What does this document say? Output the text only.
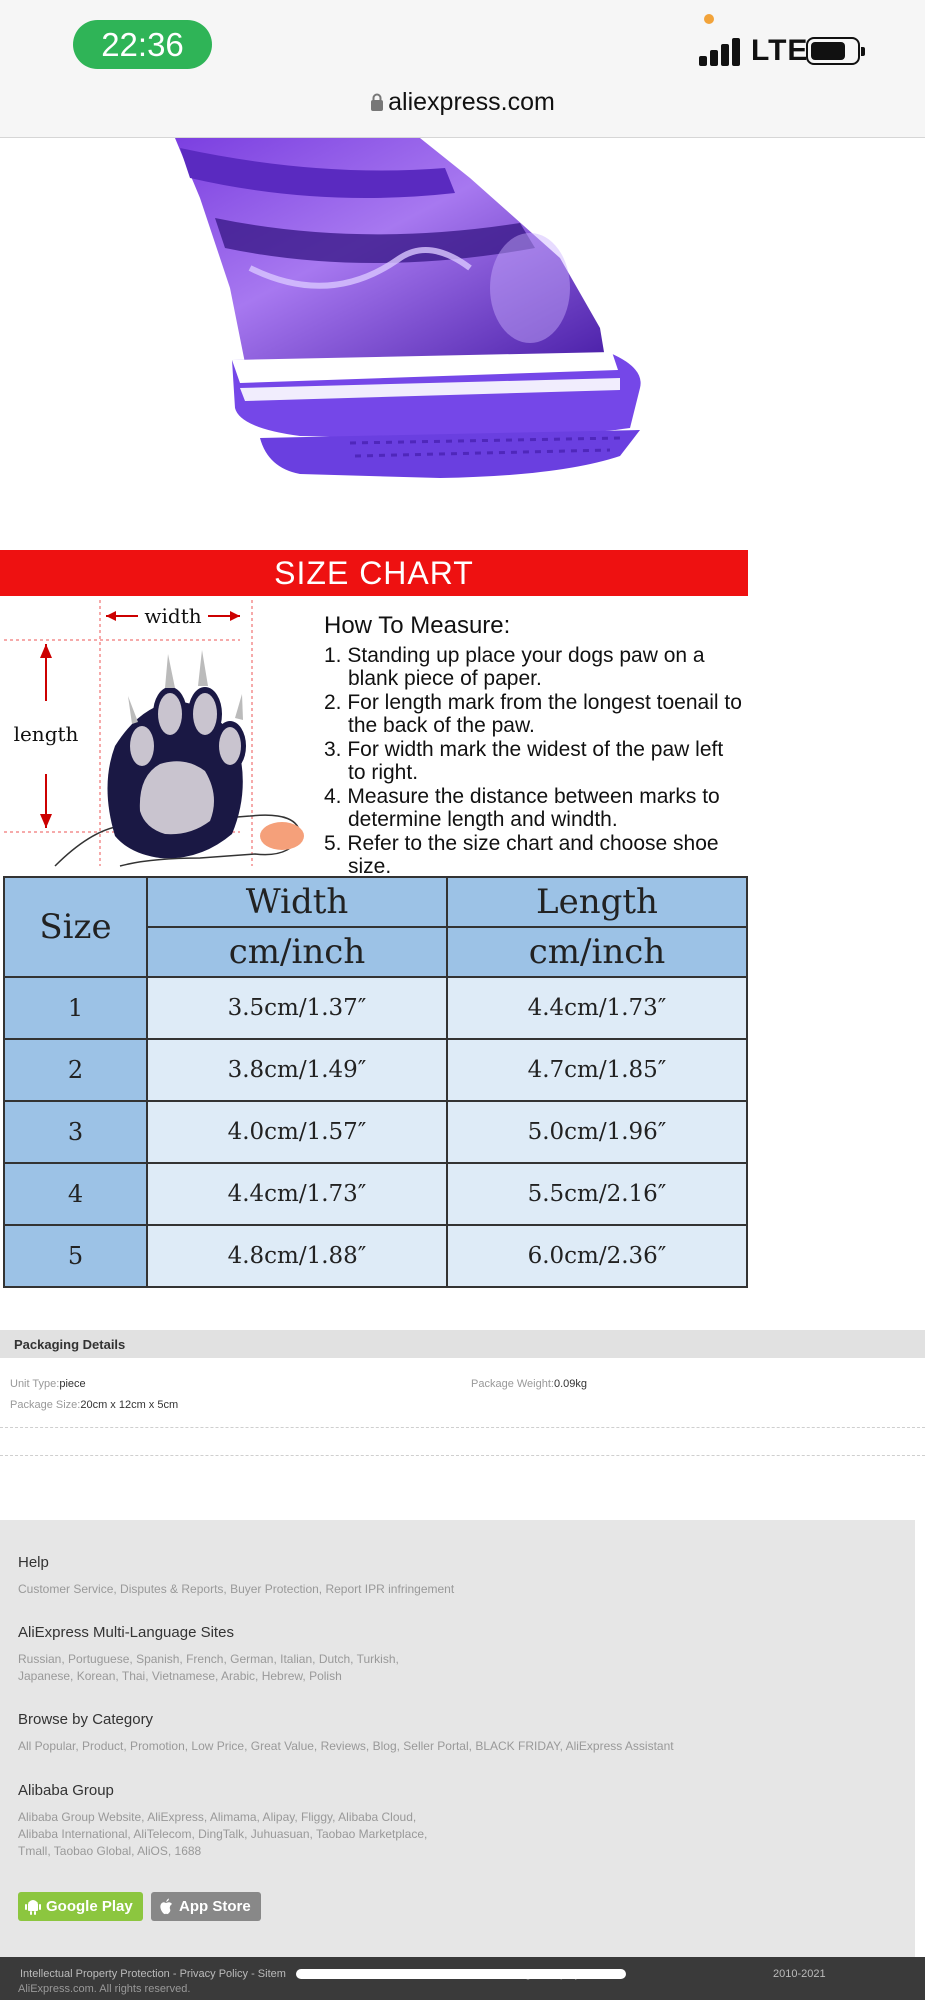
22:36	LTE
aliexpress.com
SIZE CHART
width
length
How To Measure:
1. Standing up place your dogs paw on a blank piece of paper.
2. For length mark from the longest toenail to the back of the paw.
3. For width mark the widest of the paw left to right.
4. Measure the distance between marks to determine length and windth.
5. Refer to the size chart and choose shoe size.
Size	Width	Length
	cm/inch	cm/inch
1	3.5cm/1.37″	4.4cm/1.73″
2	3.8cm/1.49″	4.7cm/1.85″
3	4.0cm/1.57″	5.0cm/1.96″
4	4.4cm/1.73″	5.5cm/2.16″
5	4.8cm/1.88″	6.0cm/2.36″
Packaging Details
Unit Type:piece	Package Weight:0.09kg
Package Size:20cm x 12cm x 5cm
Help
Customer Service, Disputes & Reports, Buyer Protection, Report IPR infringement
AliExpress Multi-Language Sites
Russian, Portuguese, Spanish, French, German, Italian, Dutch, Turkish,
Japanese, Korean, Thai, Vietnamese, Arabic, Hebrew, Polish
Browse by Category
All Popular, Product, Promotion, Low Price, Great Value, Reviews, Blog, Seller Portal, BLACK FRIDAY, AliExpress Assistant
Alibaba Group
Alibaba Group Website, AliExpress, Alimama, Alipay, Fliggy, Alibaba Cloud,
Alibaba International, AliTelecom, DingTalk, Juhuasuan, Taobao Marketplace,
Tmall, Taobao Global, AliOS, 1688
Google Play	App Store
Intellectual Property Protection - Privacy Policy - Sitem	2010-2021
AliExpress.com. All rights reserved.
